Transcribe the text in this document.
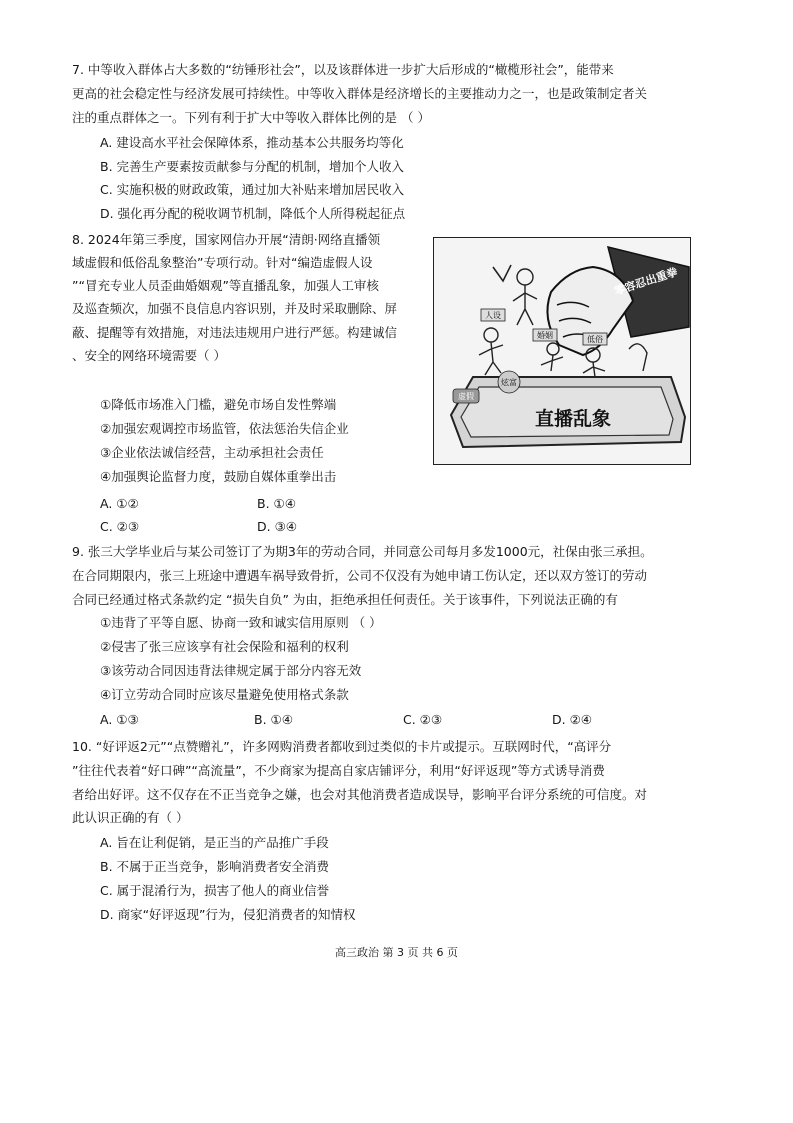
7. 中等收入群体占大多数的“纺锤形社会”，以及该群体进一步扩大后形成的“橄榄形社会”，能带来
更高的社会稳定性与经济发展可持续性。中等收入群体是经济增长的主要推动力之一，也是政策制定者关
注的重点群体之一。下列有利于扩大中等收入群体比例的是 （ ）
A. 建设高水平社会保障体系，推动基本公共服务均等化
B. 完善生产要素按贡献参与分配的机制，增加个人收入
C. 实施积极的财政政策，通过加大补贴来增加居民收入
D. 强化再分配的税收调节机制，降低个人所得税起征点
8. 2024年第三季度，国家网信办开展“清朗·网络直播领
域虚假和低俗乱象整治”专项行动。针对“编造虚假人设
”“冒充专业人员歪曲婚姻观”等直播乱象，加强人工审核
及巡查频次，加强不良信息内容识别，并及时采取删除、屏
蔽、提醒等有效措施，对违法违规用户进行严惩。构建诚信
、安全的网络环境需要（ ）
①降低市场准入门槛，避免市场自发性弊端
②加强宏观调控市场监管，依法惩治失信企业
③企业依法诚信经营，主动承担社会责任
④加强舆论监督力度，鼓励自媒体重拳出击
A. ①②	B. ①④
C. ②③	D. ③④
直播乱象
零容忍出重拳
人设
婚姻	低俗
炫富
虚假
9. 张三大学毕业后与某公司签订了为期3年的劳动合同，并同意公司每月多发1000元，社保由张三承担。
在合同期限内，张三上班途中遭遇车祸导致骨折，公司不仅没有为她申请工伤认定，还以双方签订的劳动
合同已经通过格式条款约定 “损失自负” 为由，拒绝承担任何责任。关于该事件，下列说法正确的有
①违背了平等自愿、协商一致和诚实信用原则 （ ）
②侵害了张三应该享有社会保险和福利的权利
③该劳动合同因违背法律规定属于部分内容无效
④订立劳动合同时应该尽量避免使用格式条款
A. ①③	B. ①④	C. ②③	D. ②④
10. “好评返2元”“点赞赠礼”，许多网购消费者都收到过类似的卡片或提示。互联网时代，“高评分
”往往代表着“好口碑”“高流量”，不少商家为提高自家店铺评分，利用“好评返现”等方式诱导消费
者给出好评。这不仅存在不正当竞争之嫌，也会对其他消费者造成误导，影响平台评分系统的可信度。对
此认识正确的有（ ）
A. 旨在让利促销，是正当的产品推广手段
B. 不属于正当竞争，影响消费者安全消费
C. 属于混淆行为，损害了他人的商业信誉
D. 商家“好评返现”行为，侵犯消费者的知情权
高三政治 第 3 页 共 6 页
